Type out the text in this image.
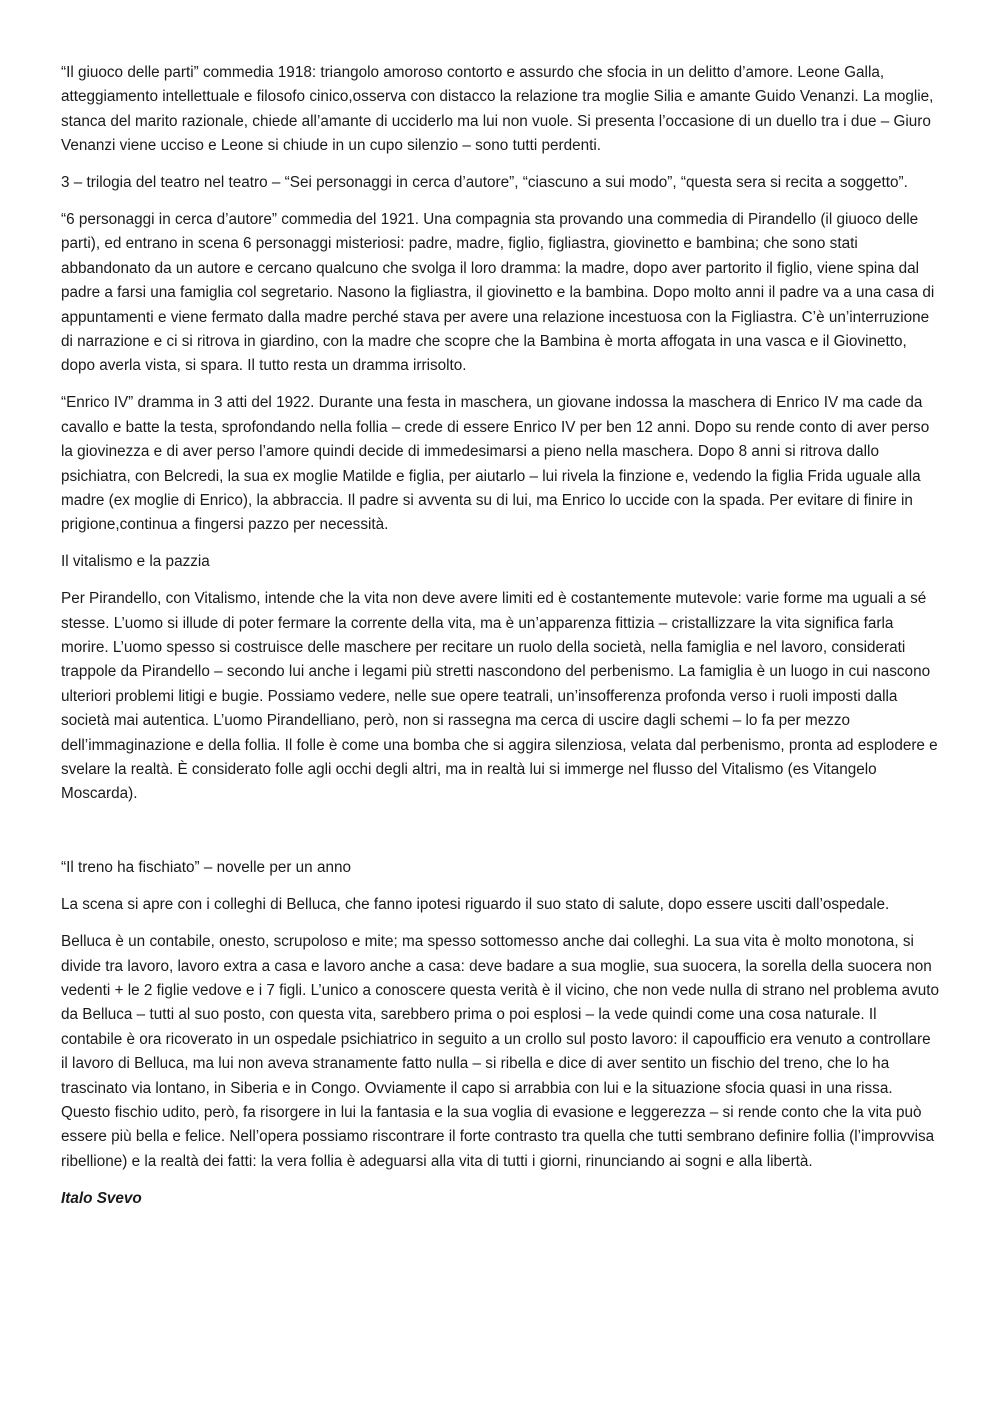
“Il giuoco delle parti” commedia 1918: triangolo amoroso contorto e assurdo che sfocia in un delitto d’amore. Leone Galla, atteggiamento intellettuale e filosofo cinico,osserva con distacco la relazione tra moglie Silia e amante Guido Venanzi. La moglie, stanca del marito razionale, chiede all’amante di ucciderlo ma lui non vuole. Si presenta l’occasione di un duello tra i due – Giuro Venanzi viene ucciso e Leone si chiude in un cupo silenzio – sono tutti perdenti.

3 – trilogia del teatro nel teatro – “Sei personaggi in cerca d’autore”, “ciascuno a sui modo”, “questa sera si recita a soggetto”.

“6 personaggi in cerca d’autore” commedia del 1921. Una compagnia sta provando una commedia di Pirandello (il giuoco delle parti), ed entrano in scena 6 personaggi misteriosi: padre, madre, figlio, figliastra, giovinetto e bambina; che sono stati abbandonato da un autore e cercano qualcuno che svolga il loro dramma: la madre, dopo aver partorito il figlio, viene spina dal padre a farsi una famiglia col segretario. Nasono la figliastra, il giovinetto e la bambina. Dopo molto anni il padre va a una casa di appuntamenti e viene fermato dalla madre perché stava per avere una relazione incestuosa con la Figliastra. C’è un’interruzione di narrazione e ci si ritrova in giardino, con la madre che scopre che la Bambina è morta affogata in una vasca e il Giovinetto, dopo averla vista, si spara. Il tutto resta un dramma irrisolto.

“Enrico IV” dramma in 3 atti del 1922. Durante una festa in maschera, un giovane indossa la maschera di Enrico IV ma cade da cavallo e batte la testa, sprofondando nella follia – crede di essere Enrico IV per ben 12 anni. Dopo su rende conto di aver perso la giovinezza e di aver perso l’amore quindi decide di immedesimarsi a pieno nella maschera. Dopo 8 anni si ritrova dallo psichiatra, con Belcredi, la sua ex moglie Matilde e figlia, per aiutarlo – lui rivela la finzione e, vedendo la figlia Frida uguale alla madre (ex moglie di Enrico), la abbraccia. Il padre si avventa su di lui, ma Enrico lo uccide con la spada. Per evitare di finire in prigione,continua a fingersi pazzo per necessità.

Il vitalismo e la pazzia

Per Pirandello, con Vitalismo, intende che la vita non deve avere limiti ed è costantemente mutevole: varie forme ma uguali a sé stesse. L’uomo si illude di poter fermare la corrente della vita, ma è un’apparenza fittizia – cristallizzare la vita significa farla morire. L’uomo spesso si costruisce delle maschere per recitare un ruolo della società, nella famiglia e nel lavoro, considerati trappole da Pirandello – secondo lui anche i legami più stretti nascondono del perbenismo. La famiglia è un luogo in cui nascono ulteriori problemi litigi e bugie. Possiamo vedere, nelle sue opere teatrali, un’insofferenza profonda verso i ruoli imposti dalla società mai autentica. L’uomo Pirandelliano, però, non si rassegna ma cerca di uscire dagli schemi – lo fa per mezzo dell’immaginazione e della follia. Il folle è come una bomba che si aggira silenziosa, velata dal perbenismo, pronta ad esplodere e svelare la realtà. È considerato folle agli occhi degli altri, ma in realtà lui si immerge nel flusso del Vitalismo (es Vitangelo Moscarda).

“Il treno ha fischiato” – novelle per un anno

La scena si apre con i colleghi di Belluca, che fanno ipotesi riguardo il suo stato di salute, dopo essere usciti dall’ospedale.

Belluca è un contabile, onesto, scrupoloso e mite; ma spesso sottomesso anche dai colleghi. La sua vita è molto monotona, si divide tra lavoro, lavoro extra a casa e lavoro anche a casa: deve badare a sua moglie, sua suocera, la sorella della suocera non vedenti + le 2 figlie vedove e i 7 figli. L’unico a conoscere questa verità è il vicino, che non vede nulla di strano nel problema avuto da Belluca – tutti al suo posto, con questa vita, sarebbero prima o poi esplosi – la vede quindi come una cosa naturale. Il contabile è ora ricoverato in un ospedale psichiatrico in seguito a un crollo sul posto lavoro: il capoufficio era venuto a controllare il lavoro di Belluca, ma lui non aveva stranamente fatto nulla – si ribella e dice di aver sentito un fischio del treno, che lo ha trascinato via lontano, in Siberia e in Congo. Ovviamente il capo si arrabbia con lui e la situazione sfocia quasi in una rissa. Questo fischio udito, però, fa risorgere in lui la fantasia e la sua voglia di evasione e leggerezza – si rende conto che la vita può essere più bella e felice. Nell’opera possiamo riscontrare il forte contrasto tra quella che tutti sembrano definire follia (l’improvvisa ribellione) e la realtà dei fatti: la vera follia è adeguarsi alla vita di tutti i giorni, rinunciando ai sogni e alla libertà.

Italo Svevo
